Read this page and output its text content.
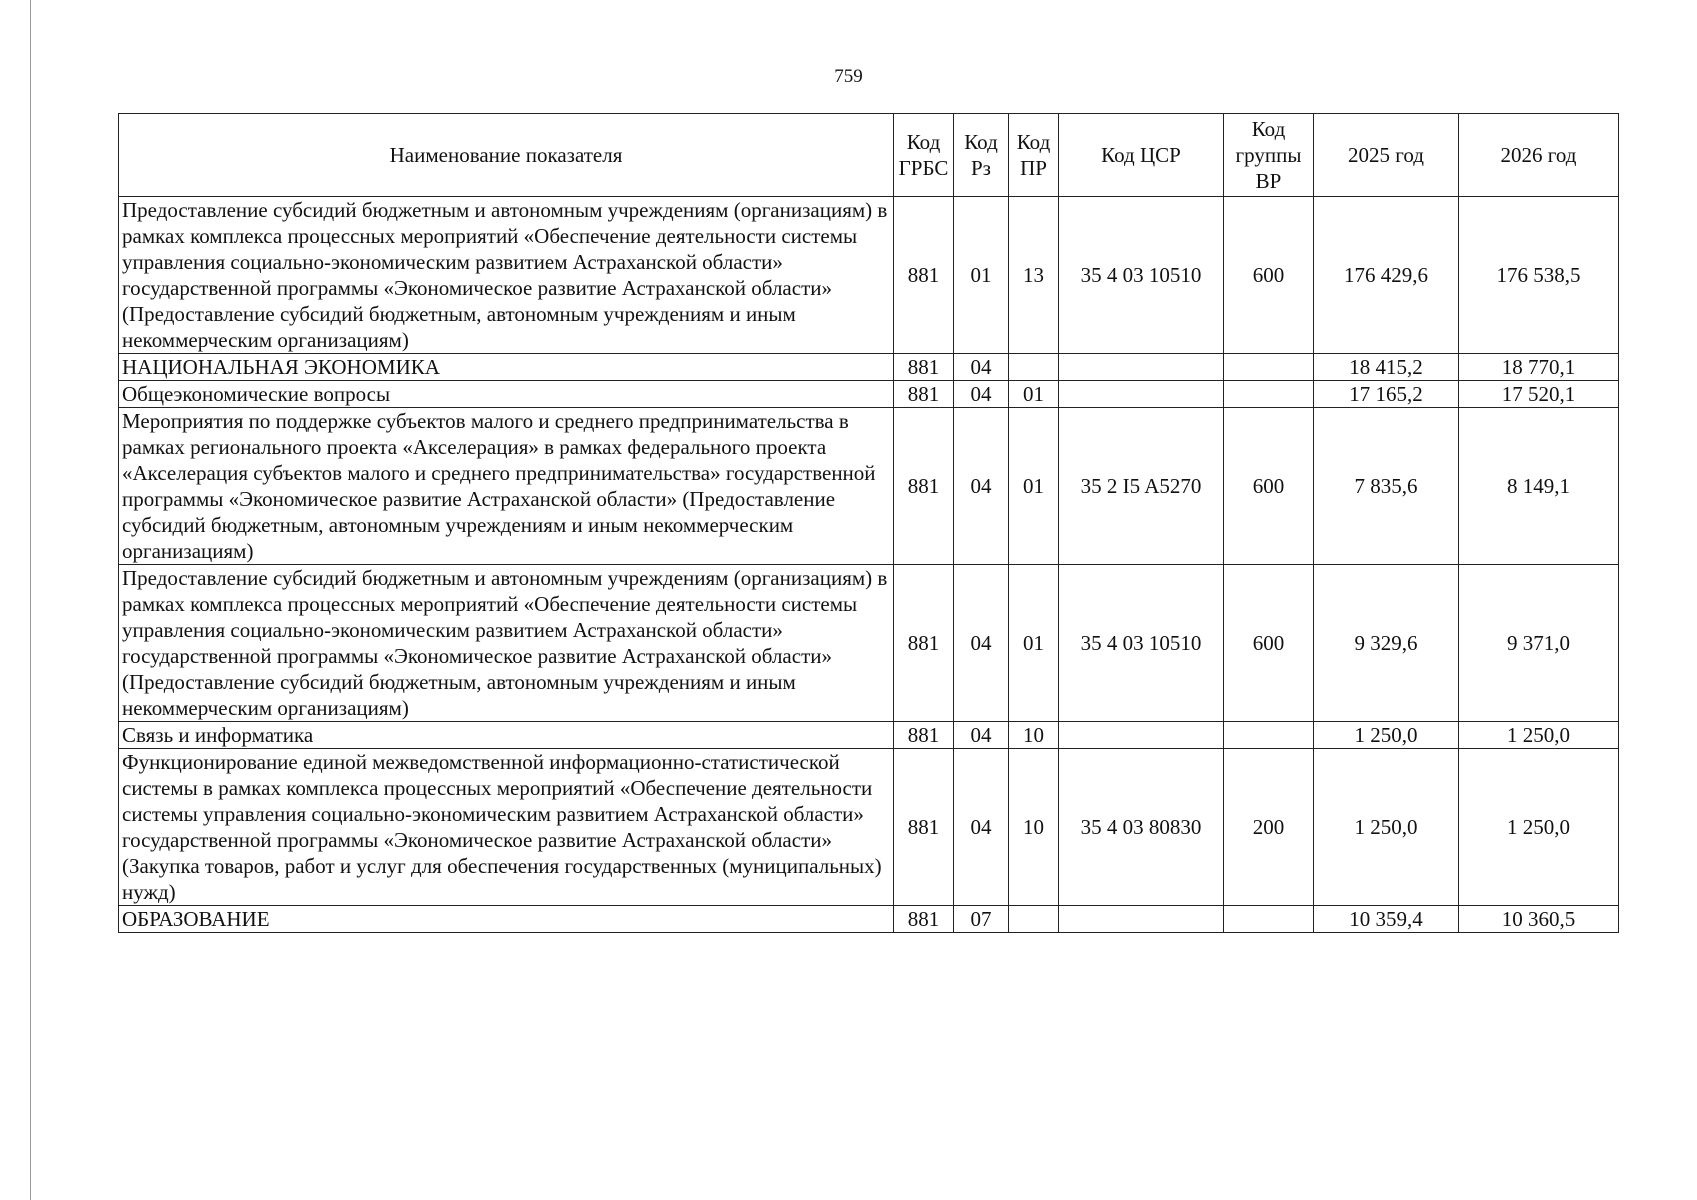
759
Наименование показателя	Код ГРБС	Код Рз	Код ПР	Код ЦСР	Код группы ВР	2025 год	2026 год
Предоставление субсидий бюджетным и автономным учреждениям (организациям) в рамках комплекса процессных мероприятий «Обеспечение деятельности системы управления социально-экономическим развитием Астраханской области» государственной программы «Экономическое развитие Астраханской области» (Предоставление субсидий бюджетным, автономным учреждениям и иным некоммерческим организациям)	881	01	13	35 4 03 10510	600	176 429,6	176 538,5
НАЦИОНАЛЬНАЯ ЭКОНОМИКА	881	04				18 415,2	18 770,1
Общеэкономические вопросы	881	04	01			17 165,2	17 520,1
Мероприятия по поддержке субъектов малого и среднего предпринимательства в рамках регионального проекта «Акселерация» в рамках федерального проекта «Акселерация субъектов малого и среднего предпринимательства» государственной программы «Экономическое развитие Астраханской области» (Предоставление субсидий бюджетным, автономным учреждениям и иным некоммерческим организациям)	881	04	01	35 2 I5 A5270	600	7 835,6	8 149,1
Предоставление субсидий бюджетным и автономным учреждениям (организациям) в рамках комплекса процессных мероприятий «Обеспечение деятельности системы управления социально-экономическим развитием Астраханской области» государственной программы «Экономическое развитие Астраханской области» (Предоставление субсидий бюджетным, автономным учреждениям и иным некоммерческим организациям)	881	04	01	35 4 03 10510	600	9 329,6	9 371,0
Связь и информатика	881	04	10			1 250,0	1 250,0
Функционирование единой межведомственной информационно-статистической системы в рамках комплекса процессных мероприятий «Обеспечение деятельности системы управления социально-экономическим развитием Астраханской области» государственной программы «Экономическое развитие Астраханской области» (Закупка товаров, работ и услуг для обеспечения государственных (муниципальных) нужд)	881	04	10	35 4 03 80830	200	1 250,0	1 250,0
ОБРАЗОВАНИЕ	881	07				10 359,4	10 360,5
